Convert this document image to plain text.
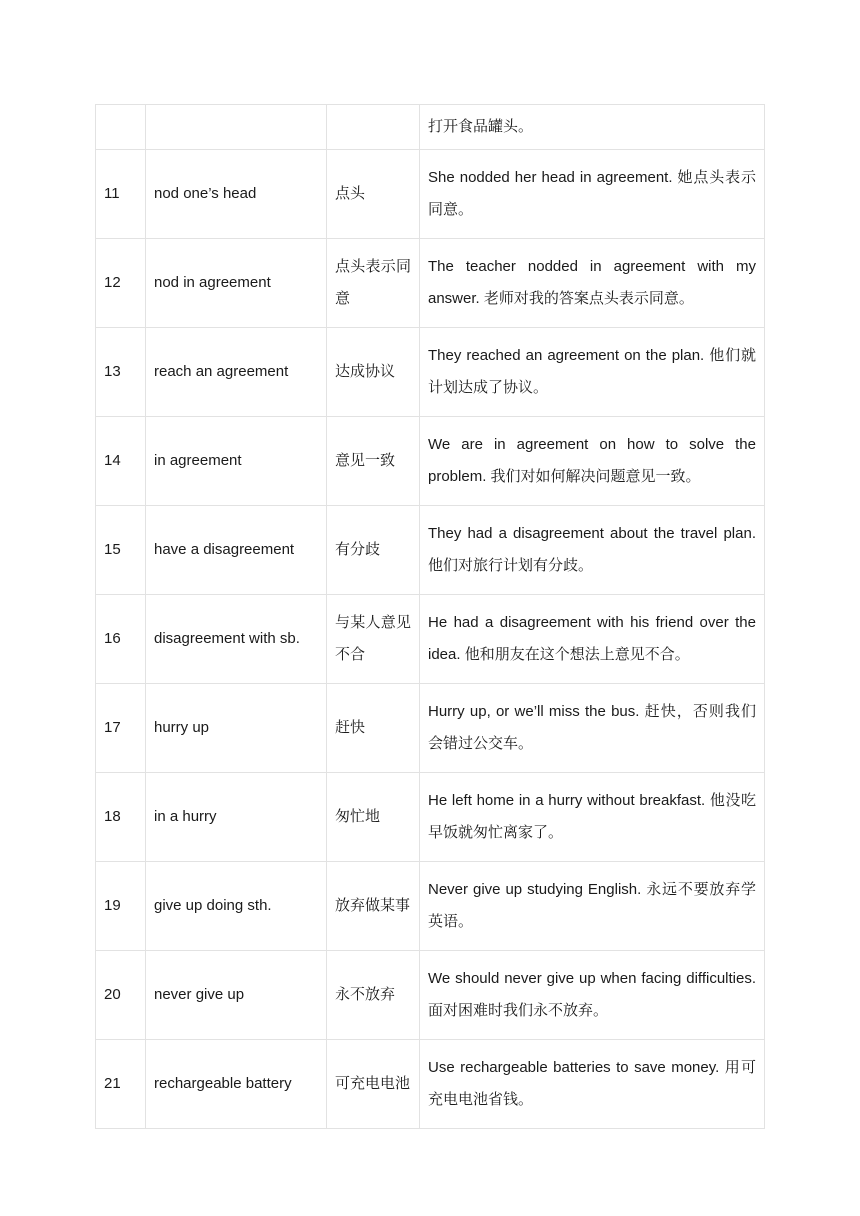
			打开食品罐头。
11	nod one’s head	点头	She nodded her head in agreement. 她点头表示同意。
12	nod in agreement	点头表示同意	The teacher nodded in agreement with my answer. 老师对我的答案点头表示同意。
13	reach an agreement	达成协议	They reached an agreement on the plan. 他们就计划达成了协议。
14	in agreement	意见一致	We are in agreement on how to solve the problem. 我们对如何解决问题意见一致。
15	have a disagreement	有分歧	They had a disagreement about the travel plan. 他们对旅行计划有分歧。
16	disagreement with sb.	与某人意见不合	He had a disagreement with his friend over the idea. 他和朋友在这个想法上意见不合。
17	hurry up	赶快	Hurry up, or we’ll miss the bus. 赶快，否则我们会错过公交车。
18	in a hurry	匆忙地	He left home in a hurry without breakfast. 他没吃早饭就匆忙离家了。
19	give up doing sth.	放弃做某事	Never give up studying English. 永远不要放弃学英语。
20	never give up	永不放弃	We should never give up when facing difficulties. 面对困难时我们永不放弃。
21	rechargeable battery	可充电电池	Use rechargeable batteries to save money. 用可充电电池省钱。
